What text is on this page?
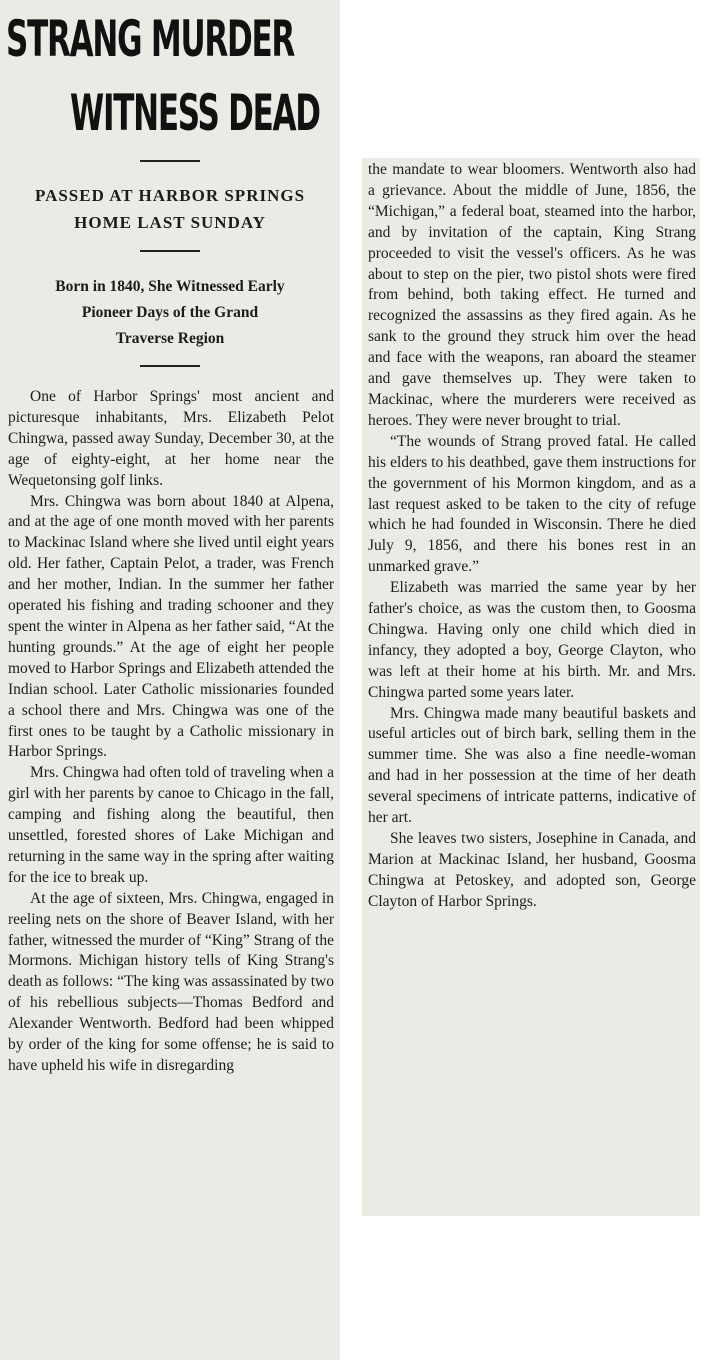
STRANG MURDER
WITNESS DEAD
PASSED AT HARBOR SPRINGS
HOME LAST SUNDAY
Born in 1840, She Witnessed Early
Pioneer Days of the Grand
Traverse Region

One of Harbor Springs' most ancient and picturesque inhabitants, Mrs. Elizabeth Pelot Chingwa, passed away Sunday, December 30, at the age of eighty-eight, at her home near the Wequetonsing golf links.

Mrs. Chingwa was born about 1840 at Alpena, and at the age of one month moved with her parents to Mackinac Island where she lived until eight years old. Her father, Captain Pelot, a trader, was French and her mother, Indian. In the summer her father operated his fishing and trading schooner and they spent the winter in Alpena as her father said, “At the hunting grounds.” At the age of eight her people moved to Harbor Springs and Elizabeth attended the Indian school. Later Catholic missionaries founded a school there and Mrs. Chingwa was one of the first ones to be taught by a Catholic missionary in Harbor Springs.

Mrs. Chingwa had often told of traveling when a girl with her parents by canoe to Chicago in the fall, camping and fishing along the beautiful, then unsettled, forested shores of Lake Michigan and returning in the same way in the spring after waiting for the ice to break up.

At the age of sixteen, Mrs. Chingwa, engaged in reeling nets on the shore of Beaver Island, with her father, witnessed the murder of “King” Strang of the Mormons. Michigan history tells of King Strang's death as follows: “The king was assassinated by two of his rebellious subjects—Thomas Bedford and Alexander Wentworth. Bedford had been whipped by order of the king for some offense; he is said to have upheld his wife in disregarding

the mandate to wear bloomers. Wentworth also had a grievance. About the middle of June, 1856, the “Michigan,” a federal boat, steamed into the harbor, and by invitation of the captain, King Strang proceeded to visit the vessel's officers. As he was about to step on the pier, two pistol shots were fired from behind, both taking effect. He turned and recognized the assassins as they fired again. As he sank to the ground they struck him over the head and face with the weapons, ran aboard the steamer and gave themselves up. They were taken to Mackinac, where the murderers were received as heroes. They were never brought to trial.

“The wounds of Strang proved fatal. He called his elders to his deathbed, gave them instructions for the government of his Mormon kingdom, and as a last request asked to be taken to the city of refuge which he had founded in Wisconsin. There he died July 9, 1856, and there his bones rest in an unmarked grave.”

Elizabeth was married the same year by her father's choice, as was the custom then, to Goosma Chingwa. Having only one child which died in infancy, they adopted a boy, George Clayton, who was left at their home at his birth. Mr. and Mrs. Chingwa parted some years later.

Mrs. Chingwa made many beautiful baskets and useful articles out of birch bark, selling them in the summer time. She was also a fine needle-woman and had in her possession at the time of her death several specimens of intricate patterns, indicative of her art.

She leaves two sisters, Josephine in Canada, and Marion at Mackinac Island, her husband, Goosma Chingwa at Petoskey, and adopted son, George Clayton of Harbor Springs.
